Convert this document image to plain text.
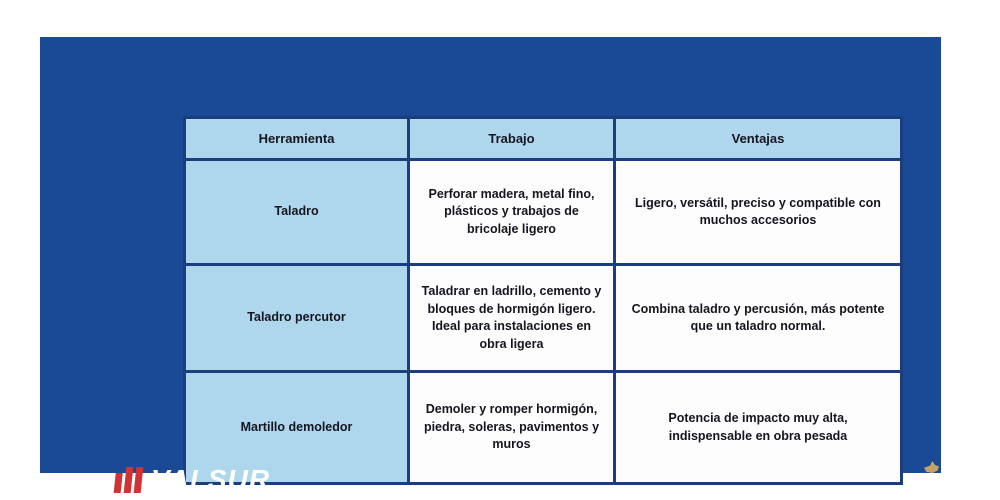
Herramienta	Trabajo	Ventajas
Taladro	Perforar madera, metal fino, plásticos y trabajos de bricolaje ligero	Ligero, versátil, preciso y compatible con muchos accesorios
Taladro percutor	Taladrar en ladrillo, cemento y bloques de hormigón ligero. Ideal para instalaciones en obra ligera	Combina taladro y percusión, más potente que un taladro normal.
Martillo demoledor	Demoler y romper hormigón, piedra, soleras, pavimentos y muros	Potencia de impacto muy alta, indispensable en obra pesada
VALSUR
